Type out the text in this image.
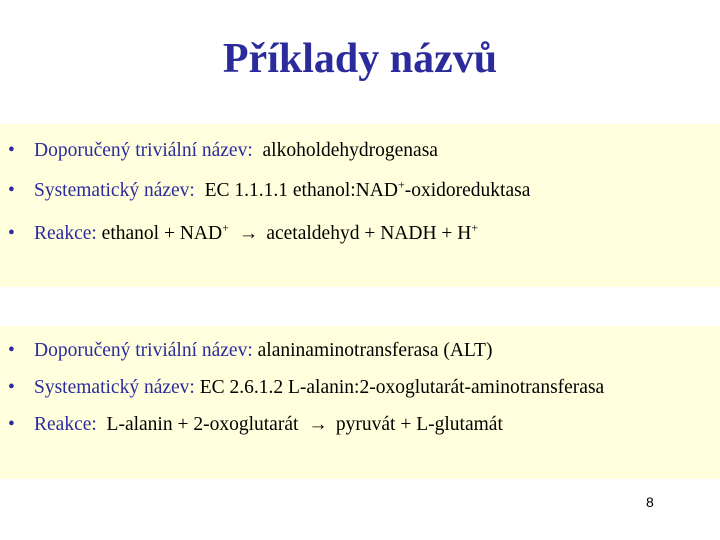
Příklady názvů
• Doporučený triviální název: alkoholdehydrogenasa
• Systematický název: EC 1.1.1.1 ethanol:NAD+-oxidoreduktasa
• Reakce: ethanol + NAD+ → acetaldehyd + NADH + H+
• Doporučený triviální název: alaninaminotransferasa (ALT)
• Systematický název: EC 2.6.1.2 L-alanin:2-oxoglutarát-aminotransferasa
• Reakce: L-alanin + 2-oxoglutarát → pyruvát + L-glutamát
8
